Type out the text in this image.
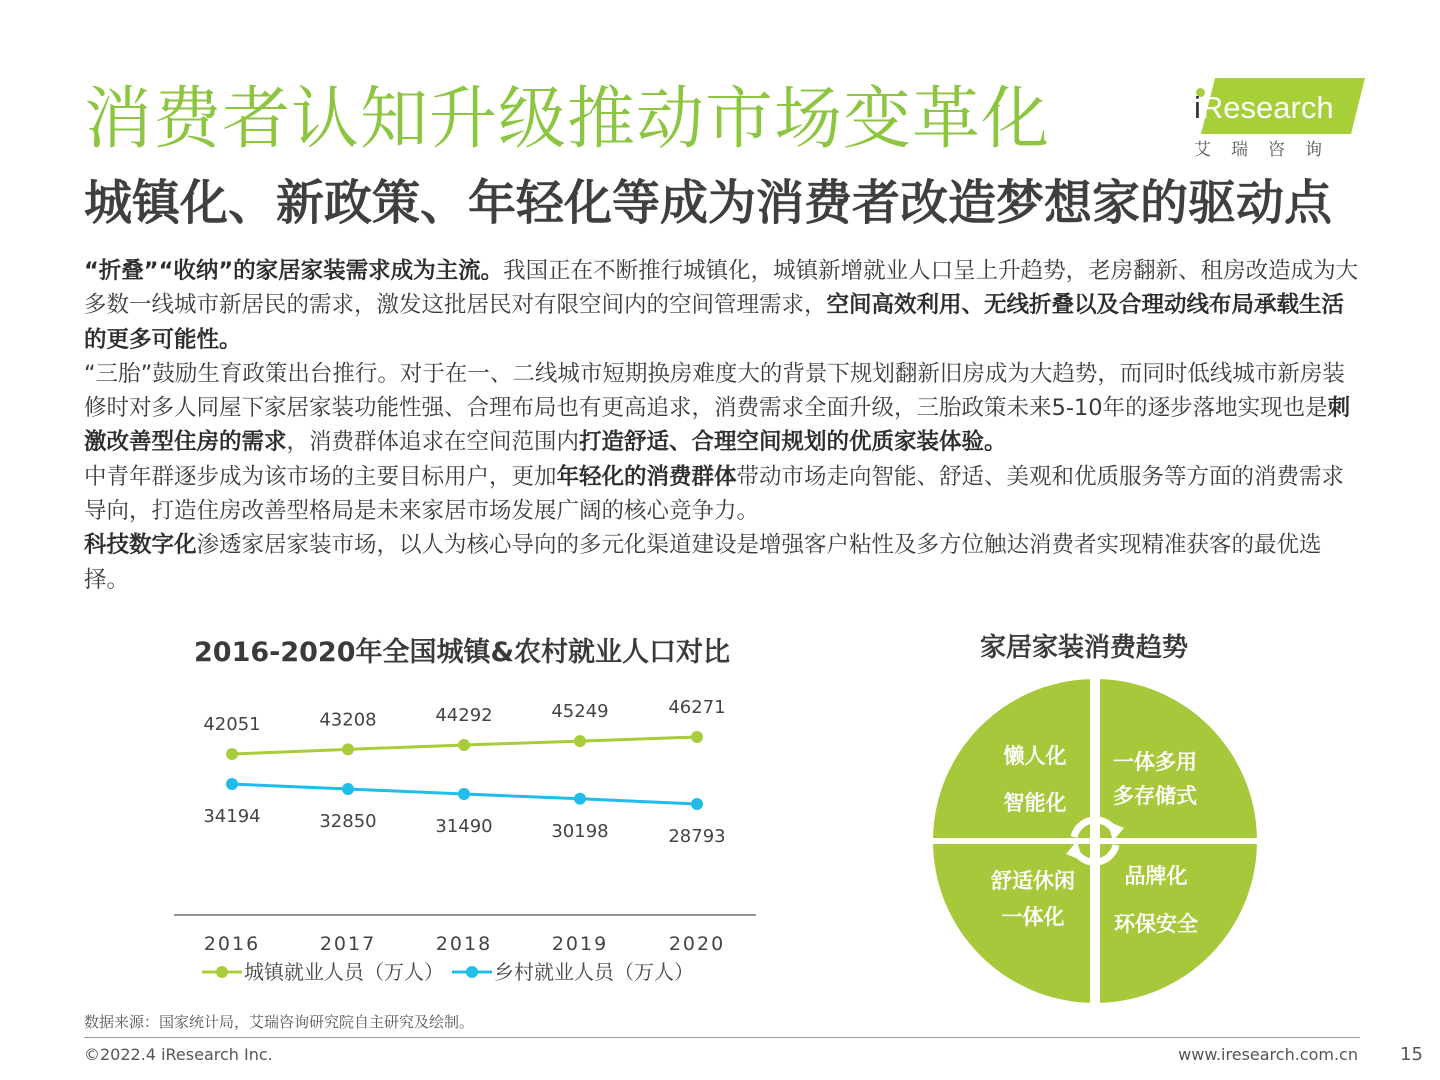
消费者认知升级推动市场变革化
城镇化、新政策、年轻化等成为消费者改造梦想家的驱动点
iResearch
艾瑞咨询

“折叠”“收纳”的家居家装需求成为主流。我国正在不断推行城镇化，城镇新增就业人口呈上升趋势，老房翻新、租房改造成为大多数一线城市新居民的需求，激发这批居民对有限空间内的空间管理需求，空间高效利用、无线折叠以及合理动线布局承载生活的更多可能性。

“三胎”鼓励生育政策出台推行。对于在一、二线城市短期换房难度大的背景下规划翻新旧房成为大趋势，而同时低线城市新房装修时对多人同屋下家居家装功能性强、合理布局也有更高追求，消费需求全面升级，三胎政策未来5-10年的逐步落地实现也是刺激改善型住房的需求，消费群体追求在空间范围内打造舒适、合理空间规划的优质家装体验。

中青年群逐步成为该市场的主要目标用户，更加年轻化的消费群体带动市场走向智能、舒适、美观和优质服务等方面的消费需求导向，打造住房改善型格局是未来家居市场发展广阔的核心竞争力。

科技数字化渗透家居家装市场，以人为核心导向的多元化渠道建设是增强客户粘性及多方位触达消费者实现精准获客的最优选择。

2016-2020年全国城镇&农村就业人口对比
42051	43208	44292	45249	46271
34194	32850	31490	30198	28793
2016	2017	2018	2019	2020
城镇就业人员（万人）	乡村就业人员（万人）
家居家装消费趋势
懒人化
智能化
一体多用
多存储式
舒适休闲
一体化
品牌化
环保安全
数据来源：国家统计局，艾瑞咨询研究院自主研究及绘制。
©2022.4 iResearch Inc.	www.iresearch.com.cn 15
